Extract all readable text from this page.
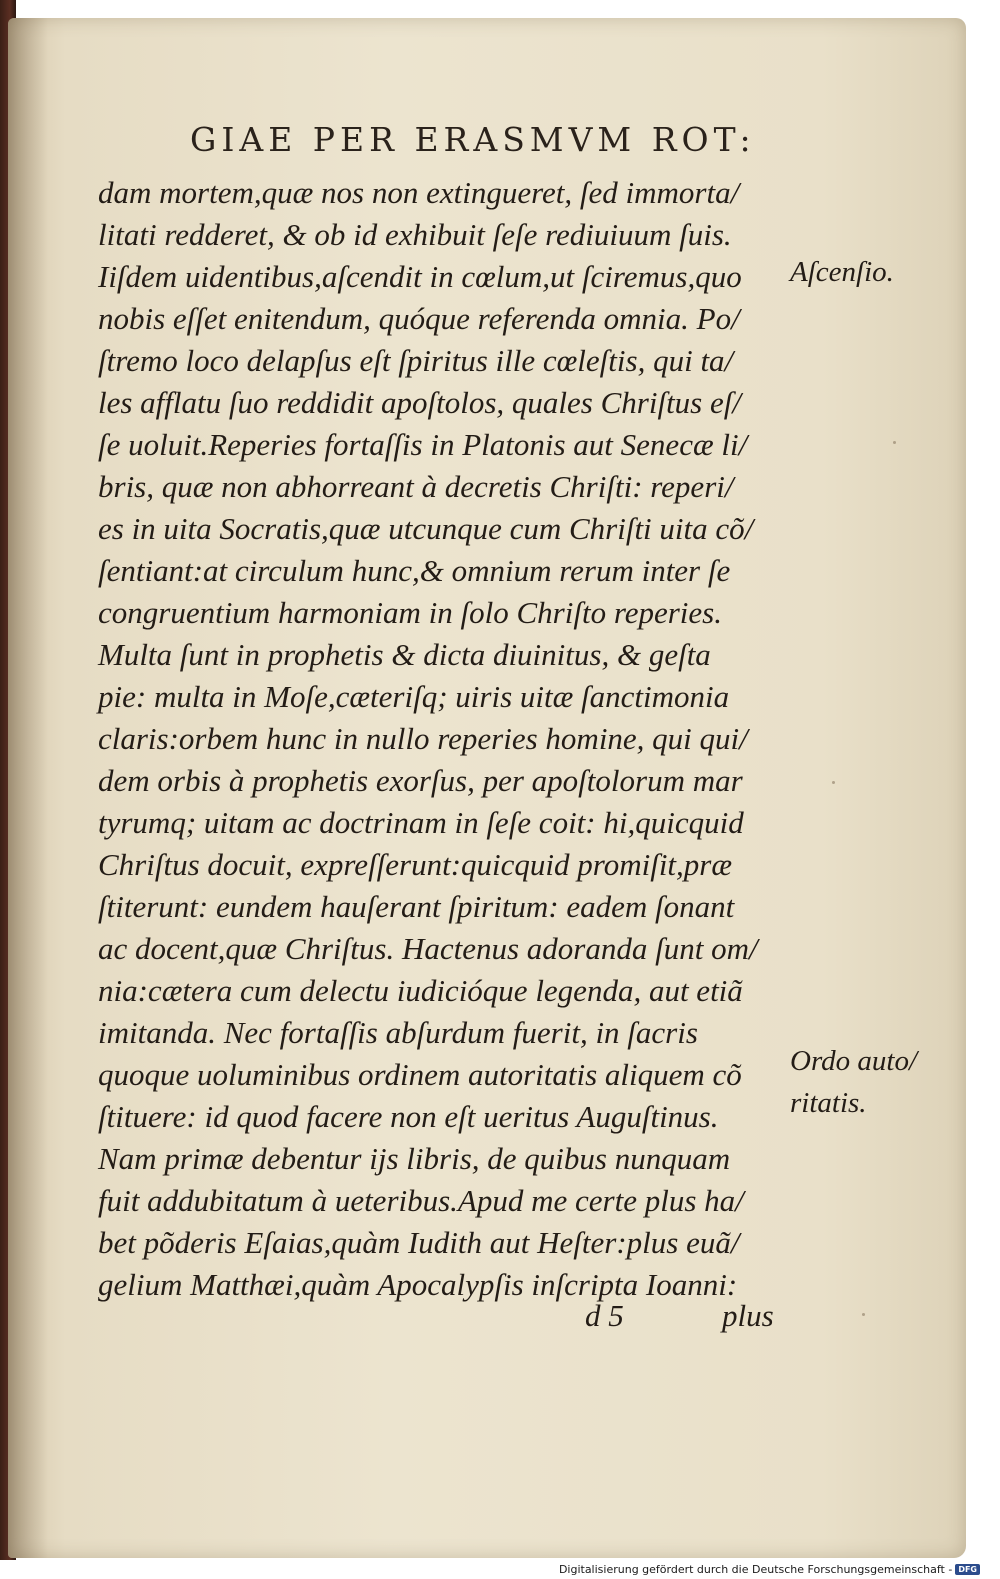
GIAE PER ERASMVM ROT:
dam mortem,quæ nos non extingueret, ſed immorta/
litati redderet, & ob id exhibuit ſeſe rediuiuum ſuis.
Iiſdem uidentibus,aſcendit in cœlum,ut ſciremus,quo
nobis eſſet enitendum, quóque referenda omnia. Po/
ſtremo loco delapſus eſt ſpiritus ille cœleſtis, qui ta/
les afflatu ſuo reddidit apoſtolos, quales Chriſtus eſ/
ſe uoluit.Reperies fortaſſis in Platonis aut Senecæ li/
bris, quæ non abhorreant à decretis Chriſti: reperi/
es in uita Socratis,quæ utcunque cum Chriſti uita cõ/
ſentiant:at circulum hunc,& omnium rerum inter ſe
congruentium harmoniam in ſolo Chriſto reperies.
Multa ſunt in prophetis & dicta diuinitus, & geſta
pie: multa in Moſe,cæteriſq; uiris uitæ ſanctimonia
claris:orbem hunc in nullo reperies homine, qui qui/
dem orbis à prophetis exorſus, per apoſtolorum mar
tyrumq; uitam ac doctrinam in ſeſe coit: hi,quicquid
Chriſtus docuit, expreſſerunt:quicquid promiſit,præ
ſtiterunt: eundem hauſerant ſpiritum: eadem ſonant
ac docent,quæ Chriſtus. Hactenus adoranda ſunt om/
nia:cætera cum delectu iudicióque legenda, aut etiã
imitanda. Nec fortaſſis abſurdum fuerit, in ſacris
quoque uoluminibus ordinem autoritatis aliquem cõ
ſtituere: id quod facere non eſt ueritus Auguſtinus.
Nam primæ debentur ijs libris, de quibus nunquam
fuit addubitatum à ueteribus.Apud me certe plus ha/
bet põderis Eſaias,quàm Iudith aut Heſter:plus euã/
gelium Matthæi,quàm Apocalypſis inſcripta Ioanni:
Aſcenſio.
Ordo auto/
ritatis.
d 5	plus
Digitalisierung gefördert durch die Deutsche Forschungsgemeinschaft - DFG
